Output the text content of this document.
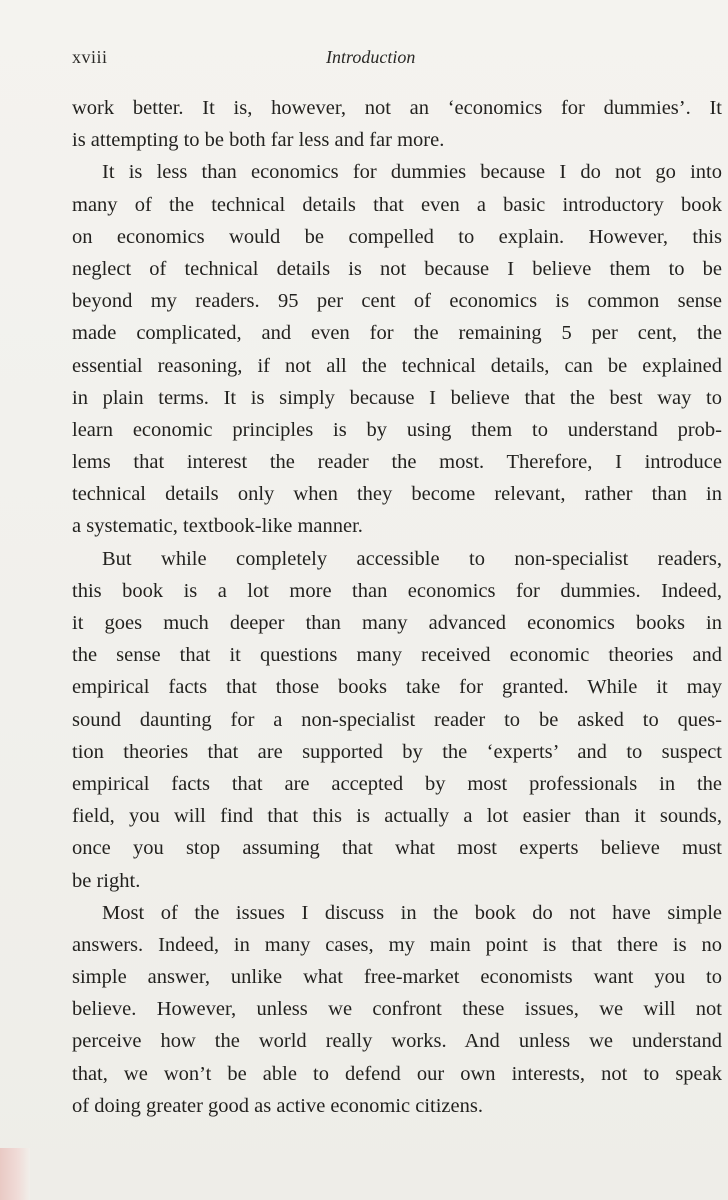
xviii	Introduction
work better. It is, however, not an ‘economics for dummies’. It
is attempting to be both far less and far more.
It is less than economics for dummies because I do not go into
many of the technical details that even a basic introductory book
on economics would be compelled to explain. However, this
neglect of technical details is not because I believe them to be
beyond my readers. 95 per cent of economics is common sense
made complicated, and even for the remaining 5 per cent, the
essential reasoning, if not all the technical details, can be explained
in plain terms. It is simply because I believe that the best way to
learn economic principles is by using them to understand prob-
lems that interest the reader the most. Therefore, I introduce
technical details only when they become relevant, rather than in
a systematic, textbook-like manner.
But while completely accessible to non-specialist readers,
this book is a lot more than economics for dummies. Indeed,
it goes much deeper than many advanced economics books in
the sense that it questions many received economic theories and
empirical facts that those books take for granted. While it may
sound daunting for a non-specialist reader to be asked to ques-
tion theories that are supported by the ‘experts’ and to suspect
empirical facts that are accepted by most professionals in the
field, you will find that this is actually a lot easier than it sounds,
once you stop assuming that what most experts believe must
be right.
Most of the issues I discuss in the book do not have simple
answers. Indeed, in many cases, my main point is that there is no
simple answer, unlike what free-market economists want you to
believe. However, unless we confront these issues, we will not
perceive how the world really works. And unless we understand
that, we won’t be able to defend our own interests, not to speak
of doing greater good as active economic citizens.
